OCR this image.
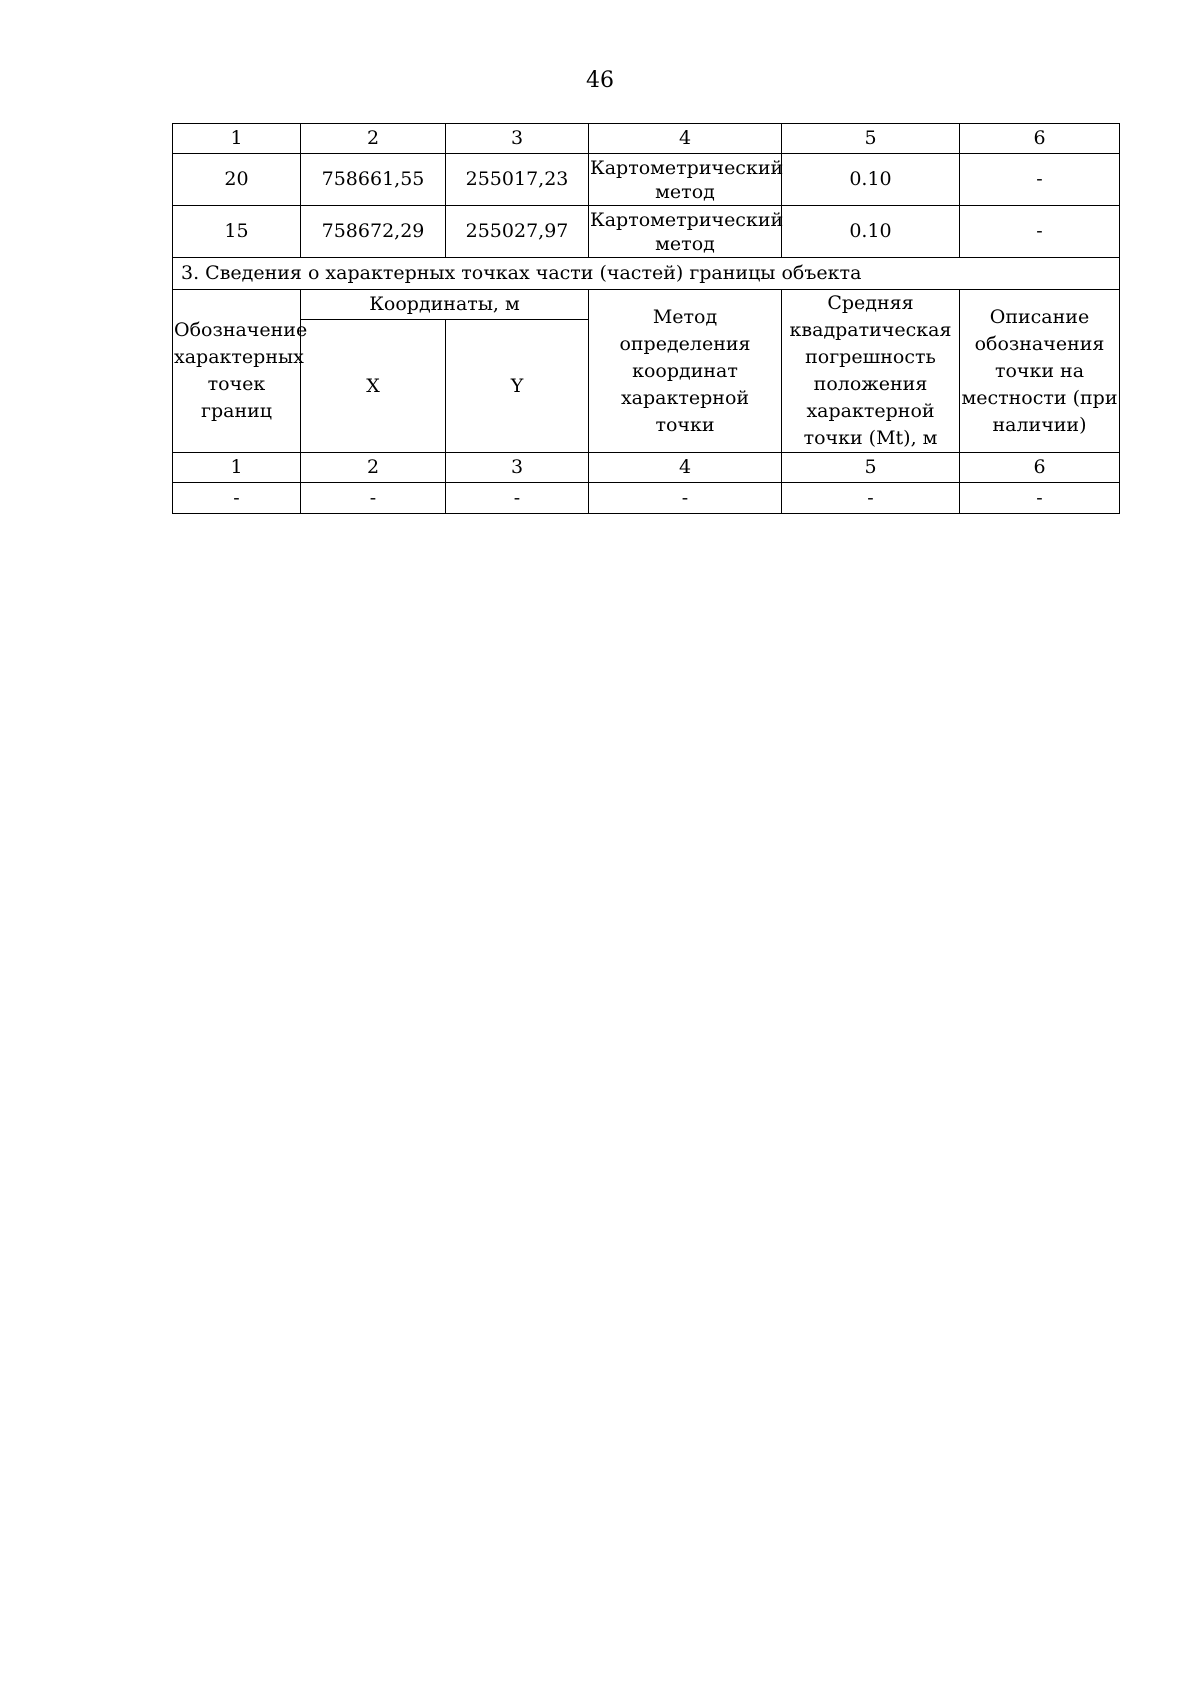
46
1	2	3	4	5	6
20	758661,55	255017,23	Картометрический метод	0.10	-
15	758672,29	255027,97	Картометрический метод	0.10	-
3. Сведения о характерных точках части (частей) границы объекта					
Обозначение характерных точек границ	Координаты, м		Метод определения координат характерной точки	Средняя квадратическая погрешность положения характерной точки (Mt), м	Описание обозначения точки на местности (при наличии)
	X	Y			
1	2	3	4	5	6
-	-	-	-	-	-
